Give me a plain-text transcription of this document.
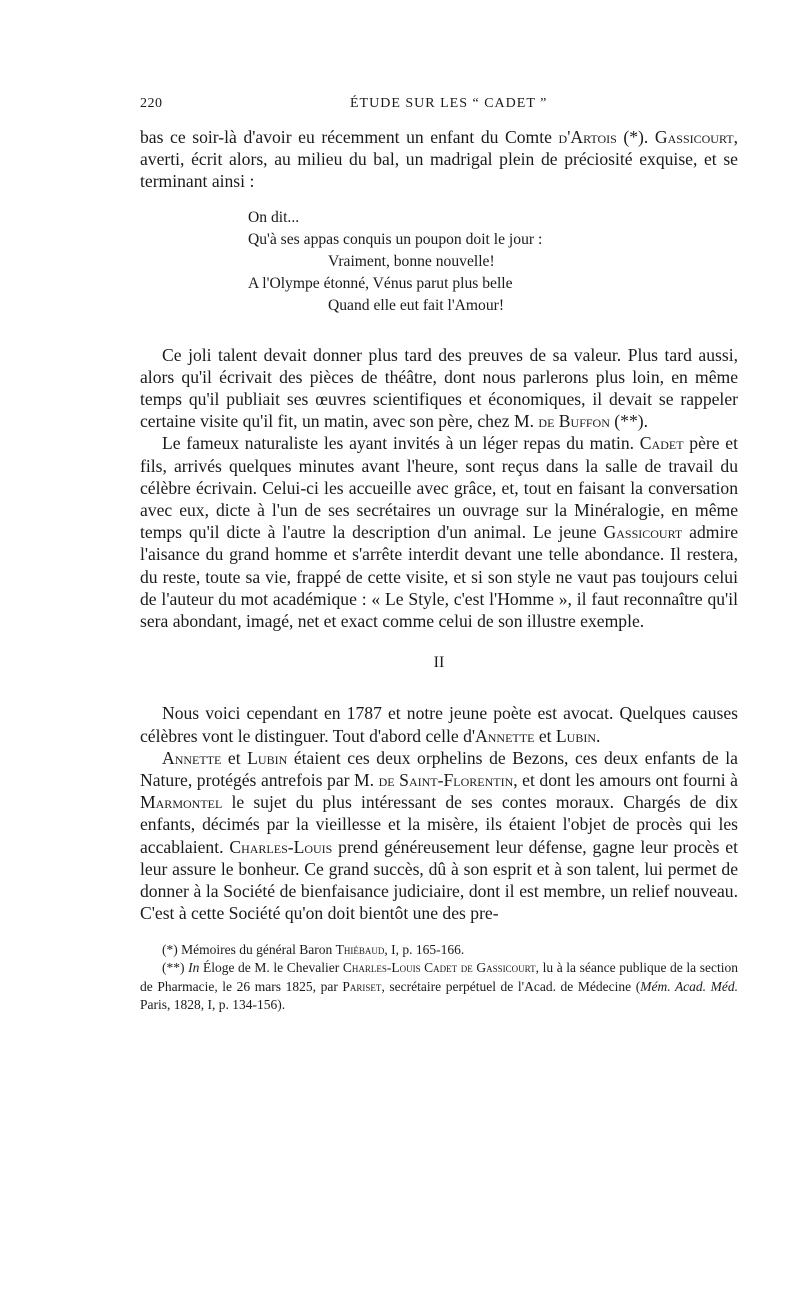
220	ÉTUDE SUR LES “ CADET ”

bas ce soir-là d'avoir eu récemment un enfant du Comte d'Artois (*). Gassicourt, averti, écrit alors, au milieu du bal, un madrigal plein de préciosité exquise, et se terminant ainsi :

On dit...
Qu'à ses appas conquis un poupon doit le jour :
Vraiment, bonne nouvelle!
A l'Olympe étonné, Vénus parut plus belle
Quand elle eut fait l'Amour!

Ce joli talent devait donner plus tard des preuves de sa valeur. Plus tard aussi, alors qu'il écrivait des pièces de théâtre, dont nous parlerons plus loin, en même temps qu'il publiait ses œuvres scientifiques et économiques, il devait se rappeler certaine visite qu'il fit, un matin, avec son père, chez M. de Buffon (**).

Le fameux naturaliste les ayant invités à un léger repas du matin. Cadet père et fils, arrivés quelques minutes avant l'heure, sont reçus dans la salle de travail du célèbre écrivain. Celui-ci les accueille avec grâce, et, tout en faisant la conversation avec eux, dicte à l'un de ses secrétaires un ouvrage sur la Minéralogie, en même temps qu'il dicte à l'autre la description d'un animal. Le jeune Gassicourt admire l'aisance du grand homme et s'arrête interdit devant une telle abondance. Il restera, du reste, toute sa vie, frappé de cette visite, et si son style ne vaut pas toujours celui de l'auteur du mot académique : « Le Style, c'est l'Homme », il faut reconnaître qu'il sera abondant, imagé, net et exact comme celui de son illustre exemple.

II

Nous voici cependant en 1787 et notre jeune poète est avocat. Quelques causes célèbres vont le distinguer. Tout d'abord celle d'Annette et Lubin.

Annette et Lubin étaient ces deux orphelins de Bezons, ces deux enfants de la Nature, protégés antrefois par M. de Saint-Florentin, et dont les amours ont fourni à Marmontel le sujet du plus intéressant de ses contes moraux. Chargés de dix enfants, décimés par la vieillesse et la misère, ils étaient l'objet de procès qui les accablaient. Charles-Louis prend généreusement leur défense, gagne leur procès et leur assure le bonheur. Ce grand succès, dû à son esprit et à son talent, lui permet de donner à la Société de bienfaisance judiciaire, dont il est membre, un relief nouveau. C'est à cette Société qu'on doit bientôt une des pre-

(*) Mémoires du général Baron Thiébaud, I, p. 165-166.

(**) In Éloge de M. le Chevalier Charles-Louis Cadet de Gassicourt, lu à la séance publique de la section de Pharmacie, le 26 mars 1825, par Pariset, secrétaire perpétuel de l'Acad. de Médecine (Mém. Acad. Méd. Paris, 1828, I, p. 134-156).
